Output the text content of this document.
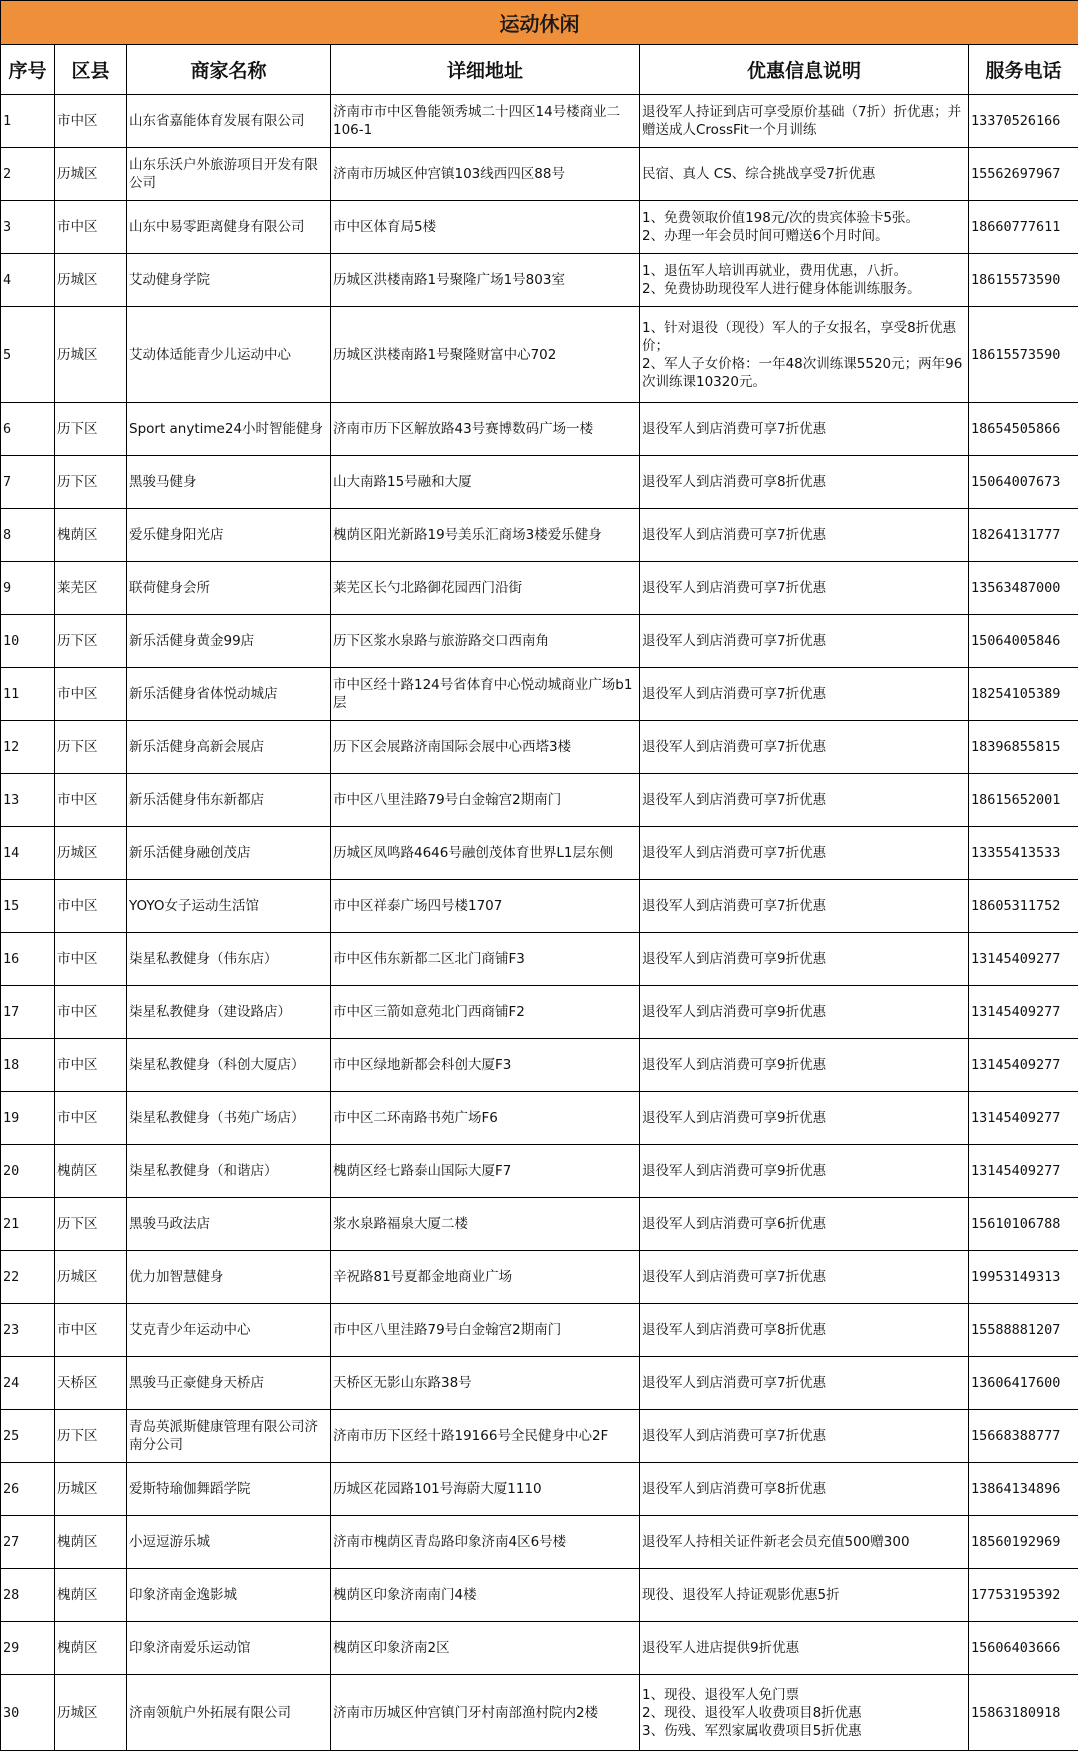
运动休闲					
序号	区县	商家名称	详细地址	优惠信息说明	服务电话
1	市中区	山东省嘉能体育发展有限公司	济南市市中区鲁能领秀城二十四区14号楼商业二106-1	退役军人持证到店可享受原价基础（7折）折优惠；并赠送成人CrossFit一个月训练	13370526166
2	历城区	山东乐沃户外旅游项目开发有限公司	济南市历城区仲宫镇103线西四区88号	民宿、真人 CS、综合挑战享受7折优惠	15562697967
3	市中区	山东中易零距离健身有限公司	市中区体育局5楼	1、免费领取价值198元/次的贵宾体验卡5张。
2、办理一年会员时间可赠送6个月时间。	18660777611
4	历城区	艾动健身学院	历城区洪楼南路1号聚隆广场1号803室	1、退伍军人培训再就业，费用优惠，八折。
2、免费协助现役军人进行健身体能训练服务。	18615573590
5	历城区	艾动体适能青少儿运动中心	历城区洪楼南路1号聚隆财富中心702	1、针对退役（现役）军人的子女报名，享受8折优惠价；
2、军人子女价格：一年48次训练课5520元；两年96次训练课10320元。	18615573590
6	历下区	Sport anytime24小时智能健身	济南市历下区解放路43号赛博数码广场一楼	退役军人到店消费可享7折优惠	18654505866
7	历下区	黑骏马健身	山大南路15号融和大厦	退役军人到店消费可享8折优惠	15064007673
8	槐荫区	爱乐健身阳光店	槐荫区阳光新路19号美乐汇商场3楼爱乐健身	退役军人到店消费可享7折优惠	18264131777
9	莱芜区	联荷健身会所	莱芜区长勺北路御花园西门沿街	退役军人到店消费可享7折优惠	13563487000
10	历下区	新乐活健身黄金99店	历下区浆水泉路与旅游路交口西南角	退役军人到店消费可享7折优惠	15064005846
11	市中区	新乐活健身省体悦动城店	市中区经十路124号省体育中心悦动城商业广场b1层	退役军人到店消费可享7折优惠	18254105389
12	历下区	新乐活健身高新会展店	历下区会展路济南国际会展中心西塔3楼	退役军人到店消费可享7折优惠	18396855815
13	市中区	新乐活健身伟东新都店	市中区八里洼路79号白金翰宫2期南门	退役军人到店消费可享7折优惠	18615652001
14	历城区	新乐活健身融创茂店	历城区凤鸣路4646号融创茂体育世界L1层东侧	退役军人到店消费可享7折优惠	13355413533
15	市中区	YOYO女子运动生活馆	市中区祥泰广场四号楼1707	退役军人到店消费可享7折优惠	18605311752
16	市中区	柒星私教健身（伟东店）	市中区伟东新都二区北门商铺F3	退役军人到店消费可享9折优惠	13145409277
17	市中区	柒星私教健身（建设路店）	市中区三箭如意苑北门西商铺F2	退役军人到店消费可享9折优惠	13145409277
18	市中区	柒星私教健身（科创大厦店）	市中区绿地新都会科创大厦F3	退役军人到店消费可享9折优惠	13145409277
19	市中区	柒星私教健身（书苑广场店）	市中区二环南路书苑广场F6	退役军人到店消费可享9折优惠	13145409277
20	槐荫区	柒星私教健身（和谐店）	槐荫区经七路泰山国际大厦F7	退役军人到店消费可享9折优惠	13145409277
21	历下区	黑骏马政法店	浆水泉路福泉大厦二楼	退役军人到店消费可享6折优惠	15610106788
22	历城区	优力加智慧健身	辛祝路81号夏都金地商业广场	退役军人到店消费可享7折优惠	19953149313
23	市中区	艾克青少年运动中心	市中区八里洼路79号白金翰宫2期南门	退役军人到店消费可享8折优惠	15588881207
24	天桥区	黑骏马正豪健身天桥店	天桥区无影山东路38号	退役军人到店消费可享7折优惠	13606417600
25	历下区	青岛英派斯健康管理有限公司济南分公司	济南市历下区经十路19166号全民健身中心2F	退役军人到店消费可享7折优惠	15668388777
26	历城区	爱斯特瑜伽舞蹈学院	历城区花园路101号海蔚大厦1110	退役军人到店消费可享8折优惠	13864134896
27	槐荫区	小逗逗游乐城	济南市槐荫区青岛路印象济南4区6号楼	退役军人持相关证件新老会员充值500赠300	18560192969
28	槐荫区	印象济南金逸影城	槐荫区印象济南南门4楼	现役、退役军人持证观影优惠5折	17753195392
29	槐荫区	印象济南爱乐运动馆	槐荫区印象济南2区	退役军人进店提供9折优惠	15606403666
30	历城区	济南领航户外拓展有限公司	济南市历城区仲宫镇门牙村南部渔村院内2楼	1、现役、退役军人免门票
2、现役、退役军人收费项目8折优惠
3、伤残、军烈家属收费项目5折优惠	15863180918
